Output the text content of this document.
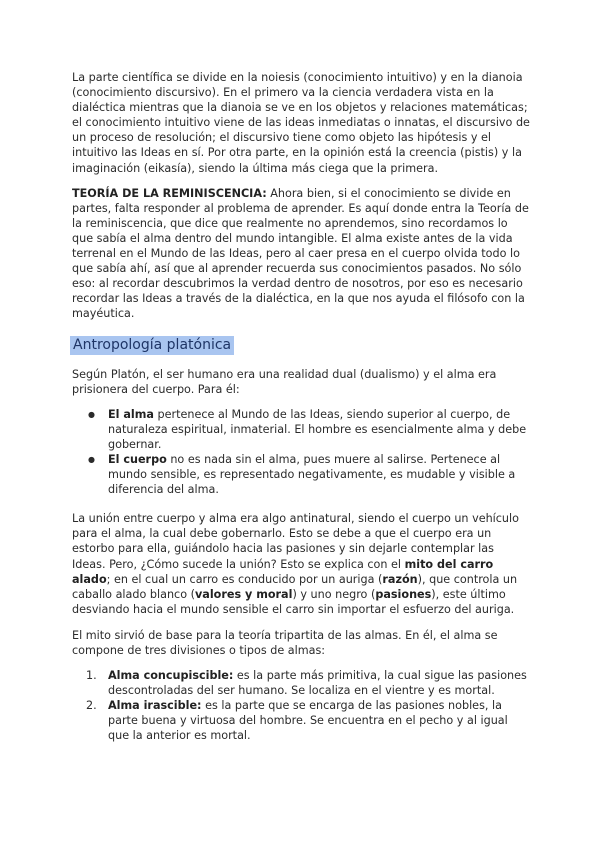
La parte científica se divide en la noiesis (conocimiento intuitivo) y en la dianoia (conocimiento discursivo). En el primero va la ciencia verdadera vista en la dialéctica mientras que la dianoia se ve en los objetos y relaciones matemáticas; el conocimiento intuitivo viene de las ideas inmediatas o innatas, el discursivo de un proceso de resolución; el discursivo tiene como objeto las hipótesis y el intuitivo las Ideas en sí. Por otra parte, en la opinión está la creencia (pistis) y la imaginación (eikasía), siendo la última más ciega que la primera.

TEORÍA DE LA REMINISCENCIA: Ahora bien, si el conocimiento se divide en partes, falta responder al problema de aprender. Es aquí donde entra la Teoría de la reminiscencia, que dice que realmente no aprendemos, sino recordamos lo que sabía el alma dentro del mundo intangible. El alma existe antes de la vida terrenal en el Mundo de las Ideas, pero al caer presa en el cuerpo olvida todo lo que sabía ahí, así que al aprender recuerda sus conocimientos pasados. No sólo eso: al recordar descubrimos la verdad dentro de nosotros, por eso es necesario recordar las Ideas a través de la dialéctica, en la que nos ayuda el filósofo con la mayéutica.

Antropología platónica

Según Platón, el ser humano era una realidad dual (dualismo) y el alma era prisionera del cuerpo. Para él:

● El alma pertenece al Mundo de las Ideas, siendo superior al cuerpo, de naturaleza espiritual, inmaterial. El hombre es esencialmente alma y debe gobernar.
● El cuerpo no es nada sin el alma, pues muere al salirse. Pertenece al mundo sensible, es representado negativamente, es mudable y visible a diferencia del alma.

La unión entre cuerpo y alma era algo antinatural, siendo el cuerpo un vehículo para el alma, la cual debe gobernarlo. Esto se debe a que el cuerpo era un estorbo para ella, guiándolo hacia las pasiones y sin dejarle contemplar las Ideas. Pero, ¿Cómo sucede la unión? Esto se explica con el mito del carro alado; en el cual un carro es conducido por un auriga (razón), que controla un caballo alado blanco (valores y moral) y uno negro (pasiones), este último desviando hacia el mundo sensible el carro sin importar el esfuerzo del auriga.

El mito sirvió de base para la teoría tripartita de las almas. En él, el alma se compone de tres divisiones o tipos de almas:

1. Alma concupiscible: es la parte más primitiva, la cual sigue las pasiones descontroladas del ser humano. Se localiza en el vientre y es mortal.
2. Alma irascible: es la parte que se encarga de las pasiones nobles, la parte buena y virtuosa del hombre. Se encuentra en el pecho y al igual que la anterior es mortal.
